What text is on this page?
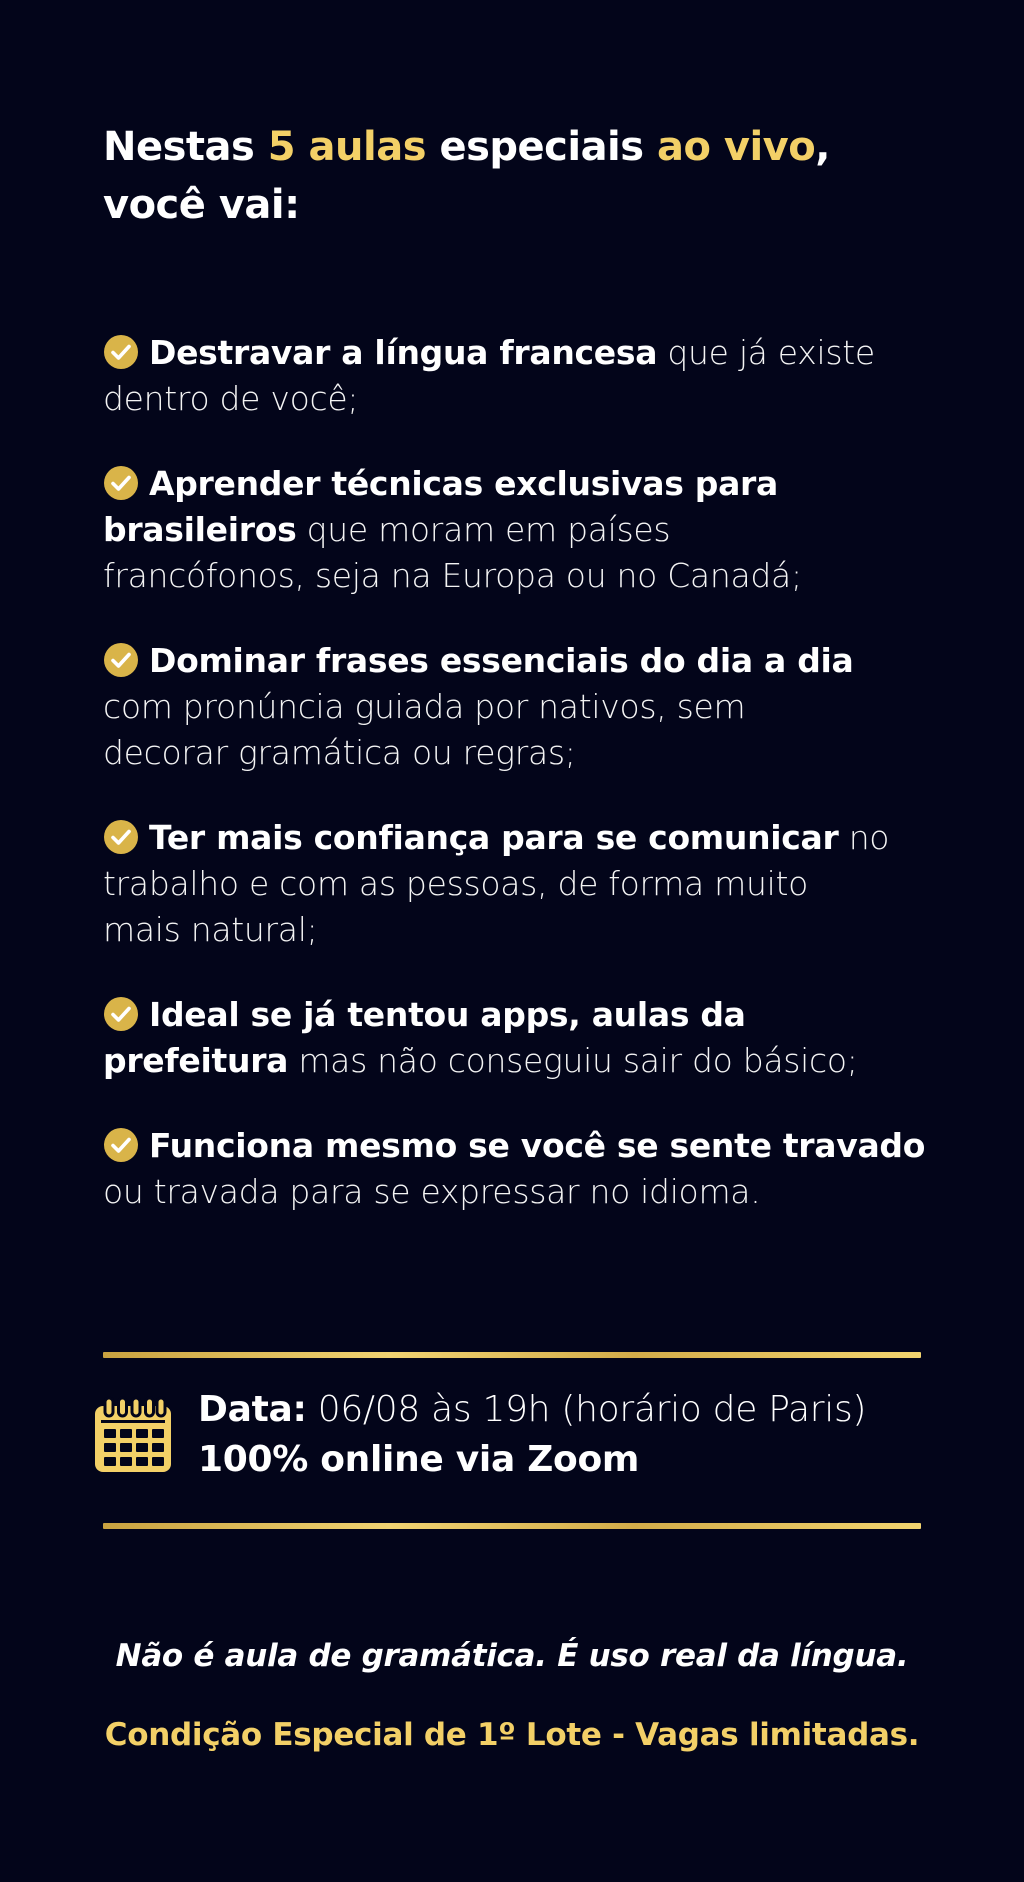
Nestas 5 aulas especiais ao vivo,
você vai:
Destravar a língua francesa que já existe
dentro de você;
Aprender técnicas exclusivas para
brasileiros que moram em países
francófonos, seja na Europa ou no Canadá;
Dominar frases essenciais do dia a dia
com pronúncia guiada por nativos, sem
decorar gramática ou regras;
Ter mais confiança para se comunicar no
trabalho e com as pessoas, de forma muito
mais natural;
Ideal se já tentou apps, aulas da
prefeitura mas não conseguiu sair do básico;
Funciona mesmo se você se sente travado
ou travada para se expressar no idioma.
Data: 06/08 às 19h (horário de Paris)
100% online via Zoom
Não é aula de gramática. É uso real da língua.
Condição Especial de 1º Lote - Vagas limitadas.
